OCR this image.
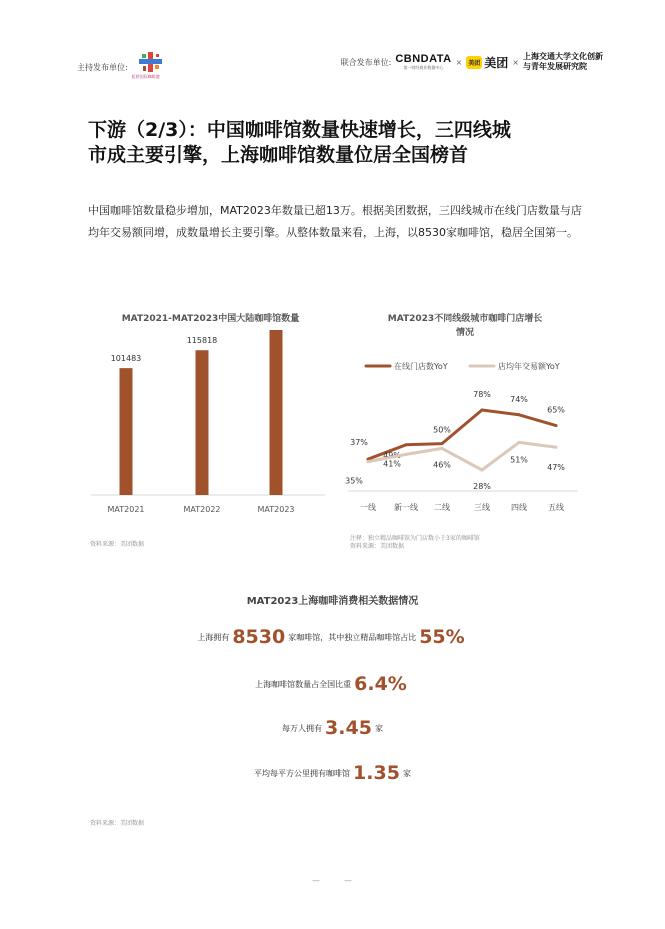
主持发布单位:
虹桥国际咖啡港
联合发布单位: CBNDATA
第一财经商业数据中心
×	美团 美团 ×
上海交通大学文化创新
与青年发展研究院
下游（2/3）：中国咖啡馆数量快速增长，三四线城
市成主要引擎，上海咖啡馆数量位居全国榜首

中国咖啡馆数量稳步增加，MAT2023年数量已超13万。根据美团数据，三四线城市在线门店数量与店均年交易额同增，成数量增长主要引擎。从整体数量来看，上海，以8530家咖啡馆，稳居全国第一。

MAT2021-MAT2023中国大陆咖啡馆数量
101483
MAT2021
115818
MAT2022	MAT2023
资料来源：美团数据
MAT2023不同线级城市咖啡门店增长
情况
在线门店数YoY	店均年交易额YoY
37%
49%
50%
78%
74%
65%
35%
41%	46%
28%
51%
47%
一线 新一线 二线	三线	四线	五线
注释：独立精品咖啡馆为门店数小于3家的咖啡馆
资料来源：美团数据
MAT2023上海咖啡消费相关数据情况
上海拥有 8530 家咖啡馆，其中独立精品咖啡馆占比 55%
上海咖啡馆数量占全国比重 6.4%
每万人拥有 3.45 家
平均每平方公里拥有咖啡馆 1.35 家
资料来源：美团数据
—	—
